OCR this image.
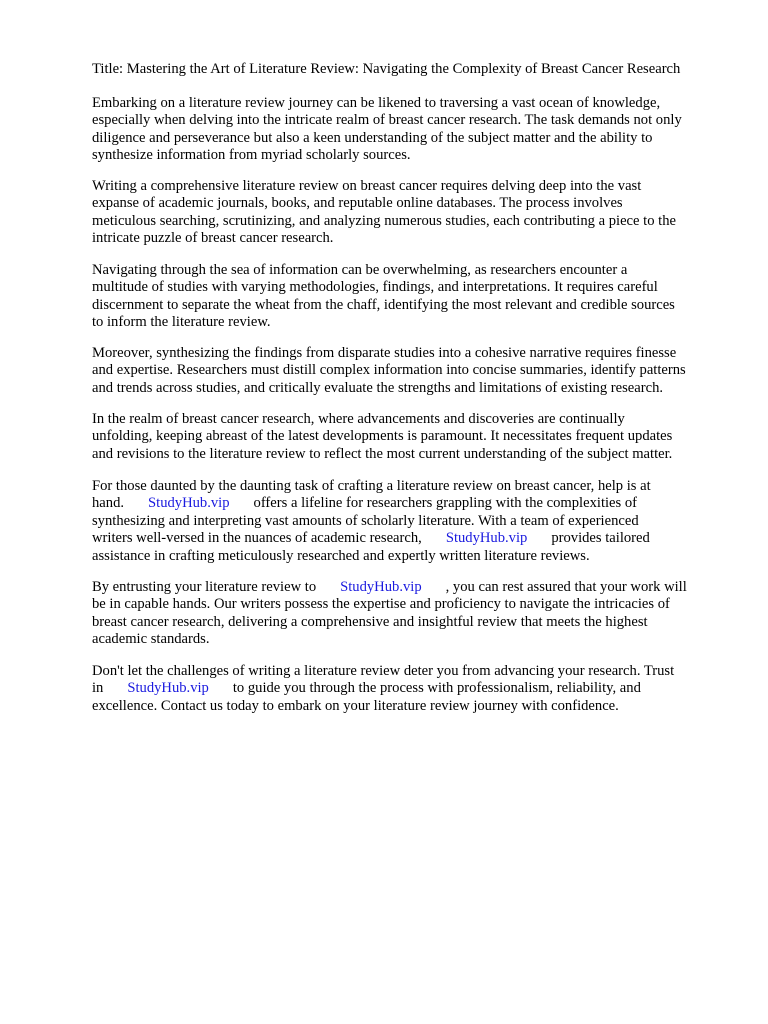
Title: Mastering the Art of Literature Review: Navigating the Complexity of Breast Cancer Research
Embarking on a literature review journey can be likened to traversing a vast ocean of knowledge,
especially when delving into the intricate realm of breast cancer research. The task demands not only
diligence and perseverance but also a keen understanding of the subject matter and the ability to
synthesize information from myriad scholarly sources.
Writing a comprehensive literature review on breast cancer requires delving deep into the vast
expanse of academic journals, books, and reputable online databases. The process involves
meticulous searching, scrutinizing, and analyzing numerous studies, each contributing a piece to the
intricate puzzle of breast cancer research.
Navigating through the sea of information can be overwhelming, as researchers encounter a
multitude of studies with varying methodologies, findings, and interpretations. It requires careful
discernment to separate the wheat from the chaff, identifying the most relevant and credible sources
to inform the literature review.
Moreover, synthesizing the findings from disparate studies into a cohesive narrative requires finesse
and expertise. Researchers must distill complex information into concise summaries, identify patterns
and trends across studies, and critically evaluate the strengths and limitations of existing research.
In the realm of breast cancer research, where advancements and discoveries are continually
unfolding, keeping abreast of the latest developments is paramount. It necessitates frequent updates
and revisions to the literature review to reflect the most current understanding of the subject matter.
For those daunted by the daunting task of crafting a literature review on breast cancer, help is at
hand. StudyHub.vip offers a lifeline for researchers grappling with the complexities of
synthesizing and interpreting vast amounts of scholarly literature. With a team of experienced
writers well-versed in the nuances of academic research, StudyHub.vip provides tailored
assistance in crafting meticulously researched and expertly written literature reviews.
By entrusting your literature review to StudyHub.vip , you can rest assured that your work will
be in capable hands. Our writers possess the expertise and proficiency to navigate the intricacies of
breast cancer research, delivering a comprehensive and insightful review that meets the highest
academic standards.
Don't let the challenges of writing a literature review deter you from advancing your research. Trust
in StudyHub.vip to guide you through the process with professionalism, reliability, and
excellence. Contact us today to embark on your literature review journey with confidence.
